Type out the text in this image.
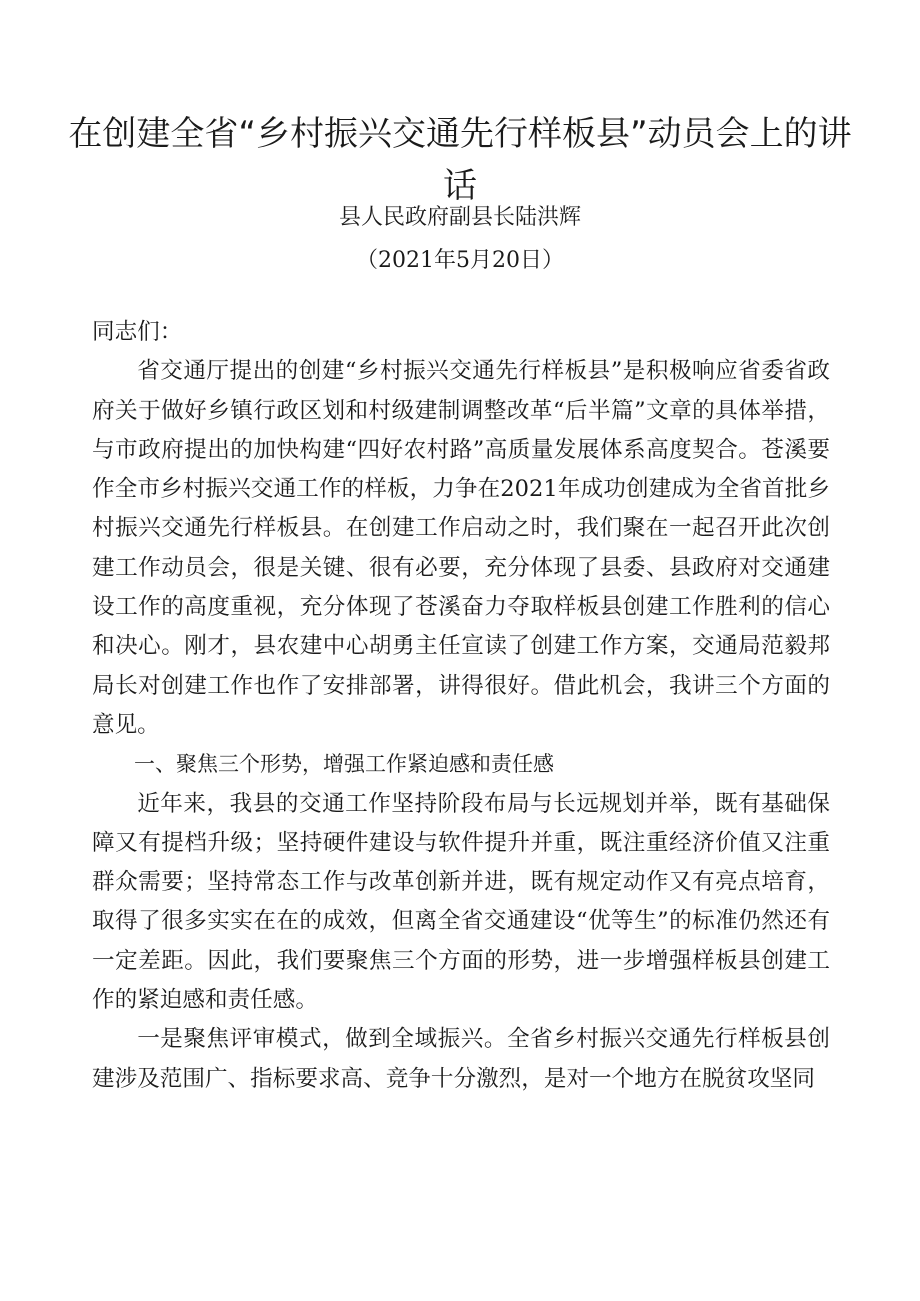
在创建全省“乡村振兴交通先行样板县”动员会上的讲话
县人民政府副县长陆洪辉
（2021年5月20日）

同志们：

省交通厅提出的创建“乡村振兴交通先行样板县”是积极响应省委省政府关于做好乡镇行政区划和村级建制调整改革“后半篇”文章的具体举措，与市政府提出的加快构建“四好农村路”高质量发展体系高度契合。苍溪要作全市乡村振兴交通工作的样板，力争在2021年成功创建成为全省首批乡村振兴交通先行样板县。在创建工作启动之时，我们聚在一起召开此次创建工作动员会，很是关键、很有必要，充分体现了县委、县政府对交通建设工作的高度重视，充分体现了苍溪奋力夺取样板县创建工作胜利的信心和决心。刚才，县农建中心胡勇主任宣读了创建工作方案，交通局范毅邦局长对创建工作也作了安排部署，讲得很好。借此机会，我讲三个方面的意见。

一、聚焦三个形势，增强工作紧迫感和责任感

近年来，我县的交通工作坚持阶段布局与长远规划并举，既有基础保障又有提档升级；坚持硬件建设与软件提升并重，既注重经济价值又注重群众需要；坚持常态工作与改革创新并进，既有规定动作又有亮点培育，取得了很多实实在在的成效，但离全省交通建设“优等生”的标准仍然还有一定差距。因此，我们要聚焦三个方面的形势，进一步增强样板县创建工作的紧迫感和责任感。

一是聚焦评审模式，做到全域振兴。全省乡村振兴交通先行样板县创建涉及范围广、指标要求高、竞争十分激烈，是对一个地方在脱贫攻坚同
